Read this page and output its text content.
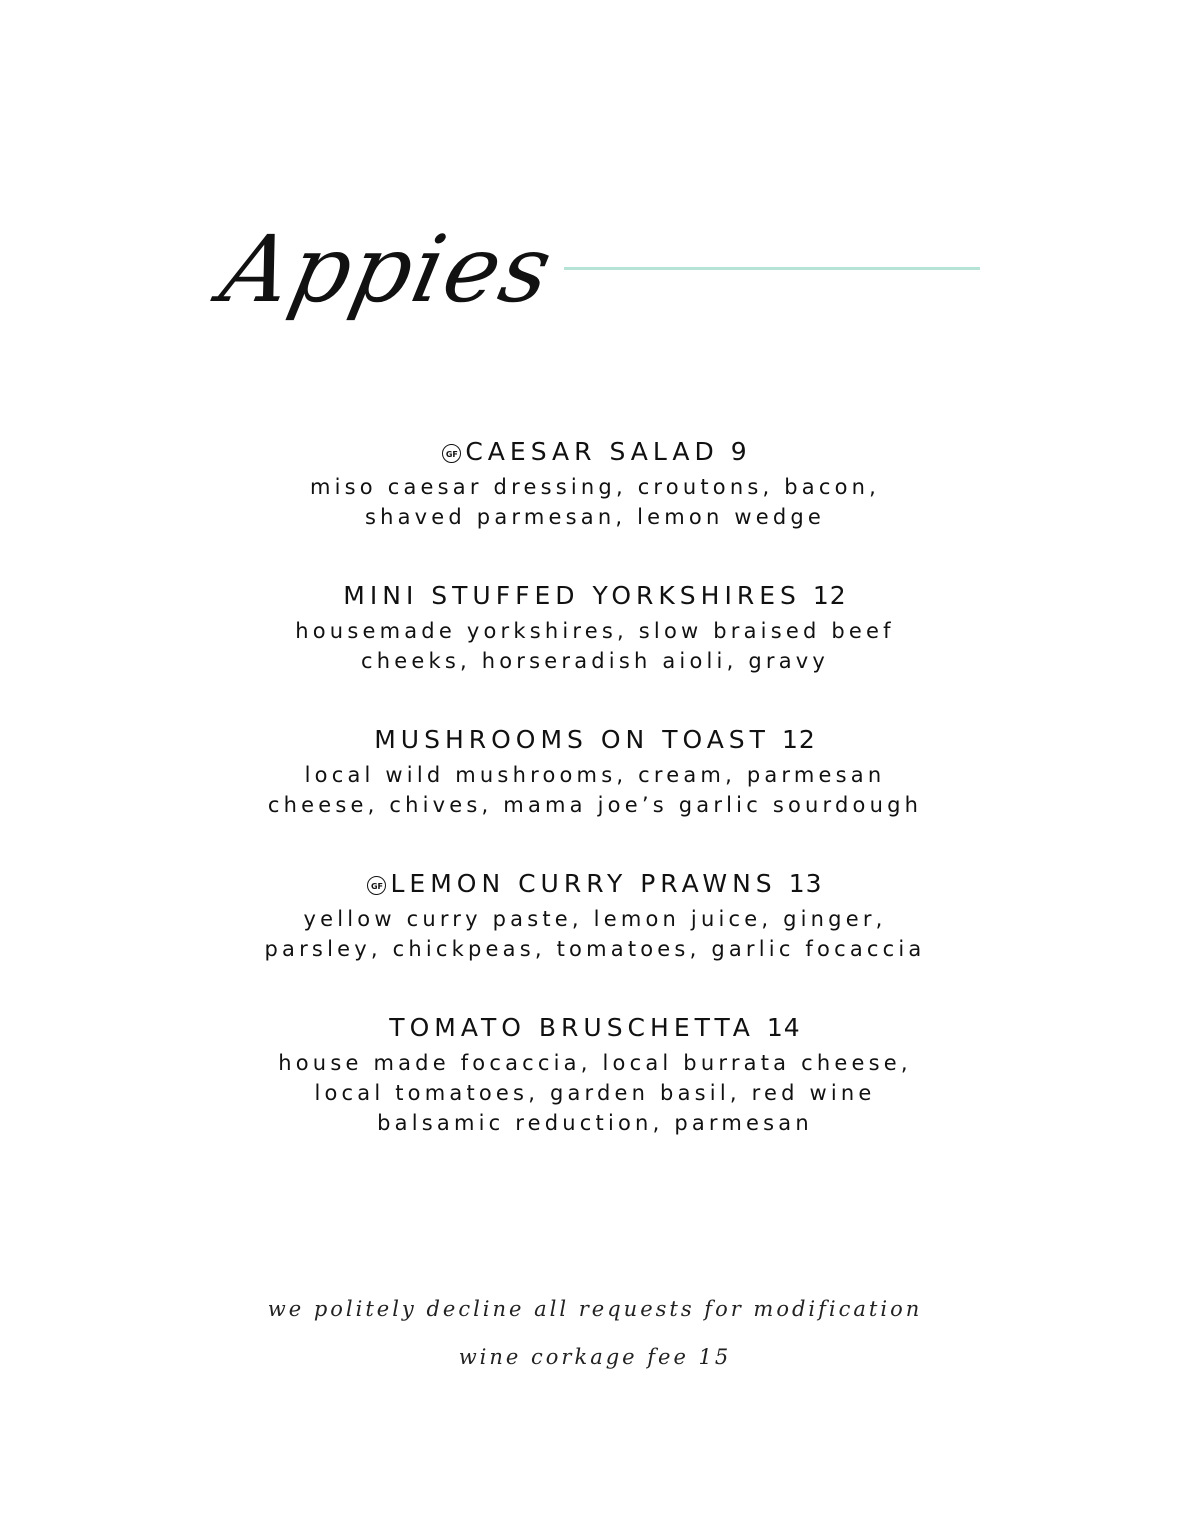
Appies
GF CAESAR SALAD 9
miso caesar dressing, croutons, bacon,
shaved parmesan, lemon wedge
MINI STUFFED YORKSHIRES 12
housemade yorkshires, slow braised beef
cheeks, horseradish aioli, gravy
MUSHROOMS ON TOAST 12
local wild mushrooms, cream, parmesan
cheese, chives, mama joe’s garlic sourdough
GF LEMON CURRY PRAWNS 13
yellow curry paste, lemon juice, ginger,
parsley, chickpeas, tomatoes, garlic focaccia
TOMATO BRUSCHETTA 14
house made focaccia, local burrata cheese,
local tomatoes, garden basil, red wine
balsamic reduction, parmesan
we politely decline all requests for modification
wine corkage fee 15
